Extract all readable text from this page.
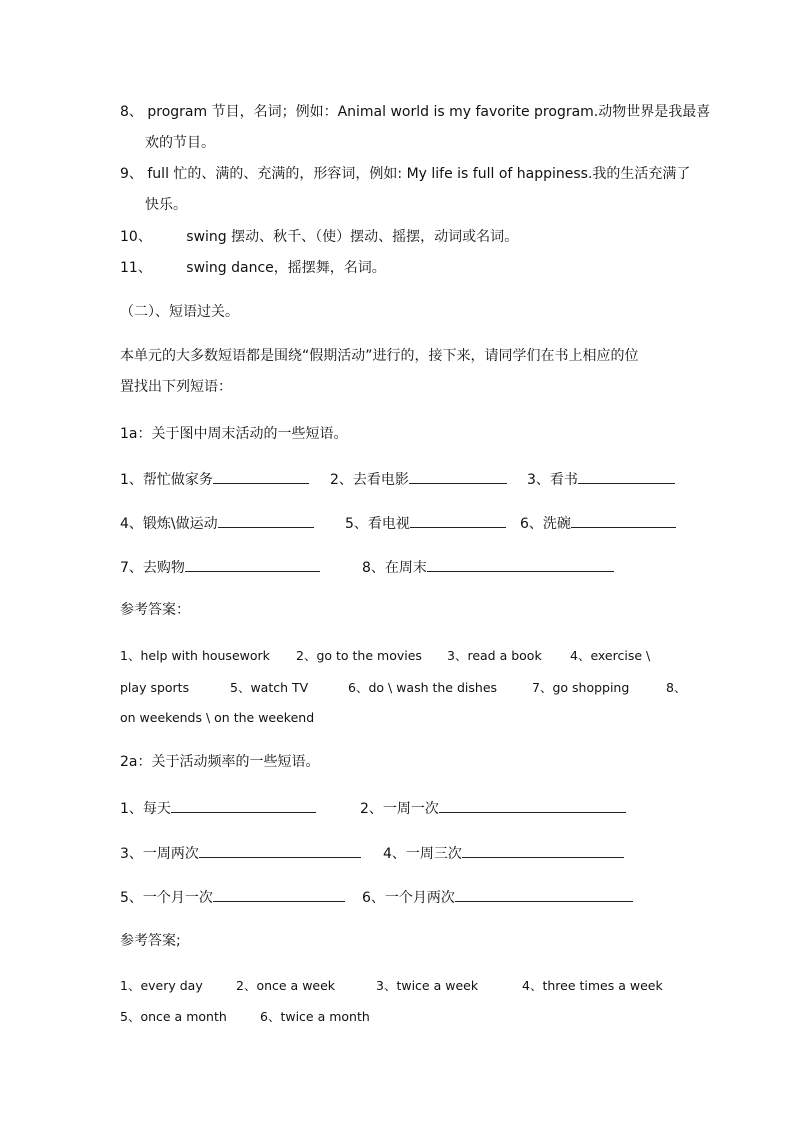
8、 program 节目，名词；例如：Animal world is my favorite program.动物世界是我最喜
欢的节目。
9、 full 忙的、满的、充满的，形容词，例如: My life is full of happiness.我的生活充满了
快乐。
10、 swing 摆动、秋千、（使）摆动、摇摆，动词或名词。
11、 swing dance，摇摆舞，名词。
（二）、短语过关。
本单元的大多数短语都是围绕“假期活动”进行的，接下来，请同学们在书上相应的位
置找出下列短语：
1a：关于图中周末活动的一些短语。
1、帮忙做家务	2、去看电影	3、看书
4、锻炼\做运动	5、看电视	6、洗碗
7、去购物	8、在周末
参考答案：
1、help with housework 2、go to the movies 3、read a book 4、exercise \
play sports	5、watch TV	6、do \ wash the dishes	7、go shopping	8、
on weekends \ on the weekend
2a：关于活动频率的一些短语。
1、每天	2、一周一次
3、一周两次	4、一周三次
5、一个月一次	6、一个月两次
参考答案;
1、every day	2、once a week	3、twice a week	4、three times a week
5、once a month	6、twice a month
